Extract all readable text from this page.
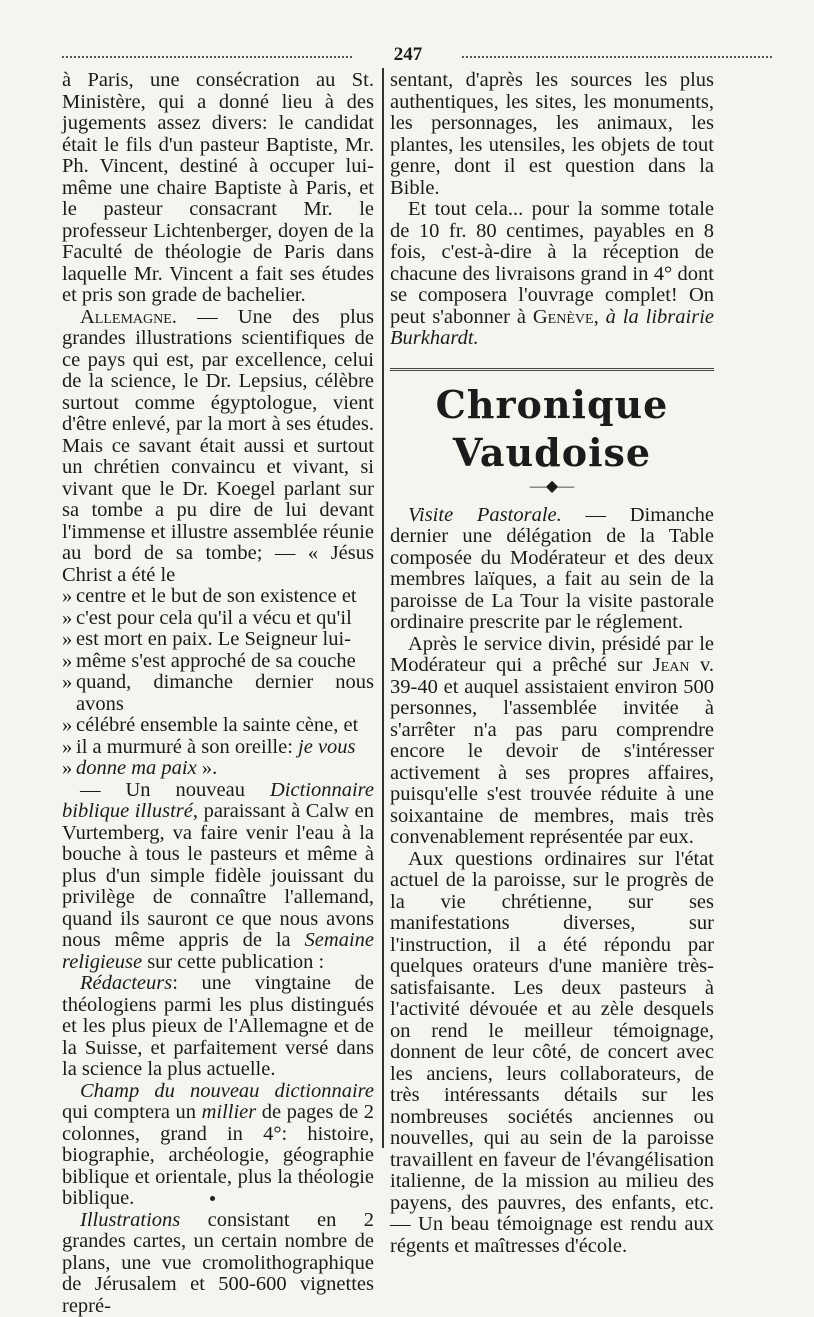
247

à Paris, une consécration au St. Ministère, qui a donné lieu à des jugements assez divers: le candidat était le fils d'un pasteur Baptiste, Mr. Ph. Vincent, destiné à occuper lui-même une chaire Baptiste à Paris, et le pasteur consacrant Mr. le professeur Lichtenberger, doyen de la Faculté de théologie de Paris dans laquelle Mr. Vincent a fait ses études et pris son grade de bachelier.

Allemagne. — Une des plus grandes illustrations scientifiques de ce pays qui est, par excellence, celui de la science, le Dr. Lepsius, célèbre surtout comme égyptologue, vient d'être enlevé, par la mort à ses études. Mais ce savant était aussi et surtout un chrétien convaincu et vivant, si vivant que le Dr. Koegel parlant sur sa tombe a pu dire de lui devant l'immense et illustre assemblée réunie au bord de sa tombe; — « Jésus Christ a été le

» centre et le but de son existence et
» c'est pour cela qu'il a vécu et qu'il
» est mort en paix. Le Seigneur lui-
» même s'est approché de sa couche
» quand, dimanche dernier nous avons
» célébré ensemble la sainte cène, et
» il a murmuré à son oreille: je vous
» donne ma paix ».

— Un nouveau Dictionnaire biblique illustré, paraissant à Calw en Vurtemberg, va faire venir l'eau à la bouche à tous le pasteurs et même à plus d'un simple fidèle jouissant du privilège de connaître l'allemand, quand ils sauront ce que nous avons nous même appris de la Semaine religieuse sur cette publication :

Rédacteurs: une vingtaine de théologiens parmi les plus distingués et les plus pieux de l'Allemagne et de la Suisse, et parfaitement versé dans la science la plus actuelle.

Champ du nouveau dictionnaire qui comptera un millier de pages de 2 colonnes, grand in 4°: histoire, biographie, archéologie, géographie biblique et orientale, plus la théologie biblique.

Illustrations consistant en 2 grandes cartes, un certain nombre de plans, une vue cromolithographique de Jérusalem et 500-600 vignettes repré-

sentant, d'après les sources les plus authentiques, les sites, les monuments, les personnages, les animaux, les plantes, les utensiles, les objets de tout genre, dont il est question dans la Bible.

Et tout cela... pour la somme totale de 10 fr. 80 centimes, payables en 8 fois, c'est-à-dire à la réception de chacune des livraisons grand in 4° dont se composera l'ouvrage complet! On peut s'abonner à Genève, à la librairie Burkhardt.

Chronique Vaudoise
—◆—

Visite Pastorale. — Dimanche dernier une délégation de la Table composée du Modérateur et des deux membres laïques, a fait au sein de la paroisse de La Tour la visite pastorale ordinaire prescrite par le réglement.

Après le service divin, présidé par le Modérateur qui a prêché sur Jean v. 39-40 et auquel assistaient environ 500 personnes, l'assemblée invitée à s'arrêter n'a pas paru comprendre encore le devoir de s'intéresser activement à ses propres affaires, puisqu'elle s'est trouvée réduite à une soixantaine de membres, mais très convenablement représentée par eux.

Aux questions ordinaires sur l'état actuel de la paroisse, sur le progrès de la vie chrétienne, sur ses manifestations diverses, sur l'instruction, il a été répondu par quelques orateurs d'une manière très-satisfaisante. Les deux pasteurs à l'activité dévouée et au zèle desquels on rend le meilleur témoignage, donnent de leur côté, de concert avec les anciens, leurs collaborateurs, de très intéressants détails sur les nombreuses sociétés anciennes ou nouvelles, qui au sein de la paroisse travaillent en faveur de l'évangélisation italienne, de la mission au milieu des payens, des pauvres, des enfants, etc. — Un beau témoignage est rendu aux régents et maîtresses d'école.
